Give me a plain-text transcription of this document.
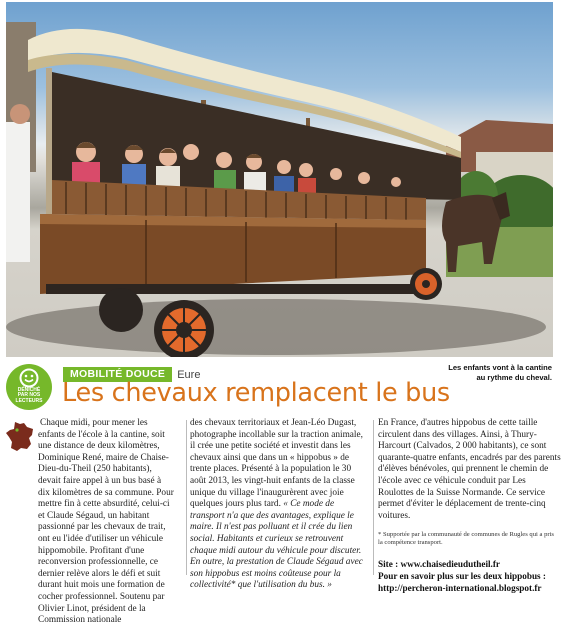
Les enfants vont à la cantine
au rythme du cheval.
DÉNICHÉ
PAR NOS
LECTEURS
MOBILITÉ DOUCE	Eure
Les chevaux remplacent le bus

Chaque midi, pour mener les enfants de l'école à la cantine, soit une distance de deux kilomètres, Dominique René, maire de Chaise-Dieu-du-Theil (250 habitants), devait faire appel à un bus basé à dix kilomètres de sa commune. Pour mettre fin à cette absurdité, celui-ci et Claude Ségaud, un habitant passionné par les chevaux de trait, ont eu l'idée d'utiliser un véhicule hippomobile. Profitant d'une reconversion professionnelle, ce dernier relève alors le défi et suit durant huit mois une formation de cocher professionnel. Soutenu par Olivier Linot, président de la Commission nationale

des chevaux territoriaux et Jean-Léo Dugast, photographe incollable sur la traction animale, il crée une petite société et investit dans les chevaux ainsi que dans un « hippobus » de trente places. Présenté à la population le 30 août 2013, les vingt-huit enfants de la classe unique du village l'inaugurèrent avec joie quelques jours plus tard. « Ce mode de transport n'a que des avantages, explique le maire. Il n'est pas polluant et il crée du lien social. Habitants et curieux se retrouvent chaque midi autour du véhicule pour discuter. En outre, la prestation de Claude Ségaud avec son hippobus est moins coûteuse pour la collectivité* que l'utilisation du bus. »

En France, d'autres hippobus de cette taille circulent dans des villages. Ainsi, à Thury-Harcourt (Calvados, 2 000 habitants), ce sont quarante-quatre enfants, encadrés par des parents d'élèves bénévoles, qui prennent le chemin de l'école avec ce véhicule conduit par Les Roulottes de la Suisse Normande. Ce service permet d'éviter le déplacement de trente-cinq voitures.

* Supportée par la communauté de communes de Rugles qui a pris la compétence transport.
Site : www.chaisedieudutheil.fr
Pour en savoir plus sur les deux hippobus :
http://percheron-international.blogspot.fr
